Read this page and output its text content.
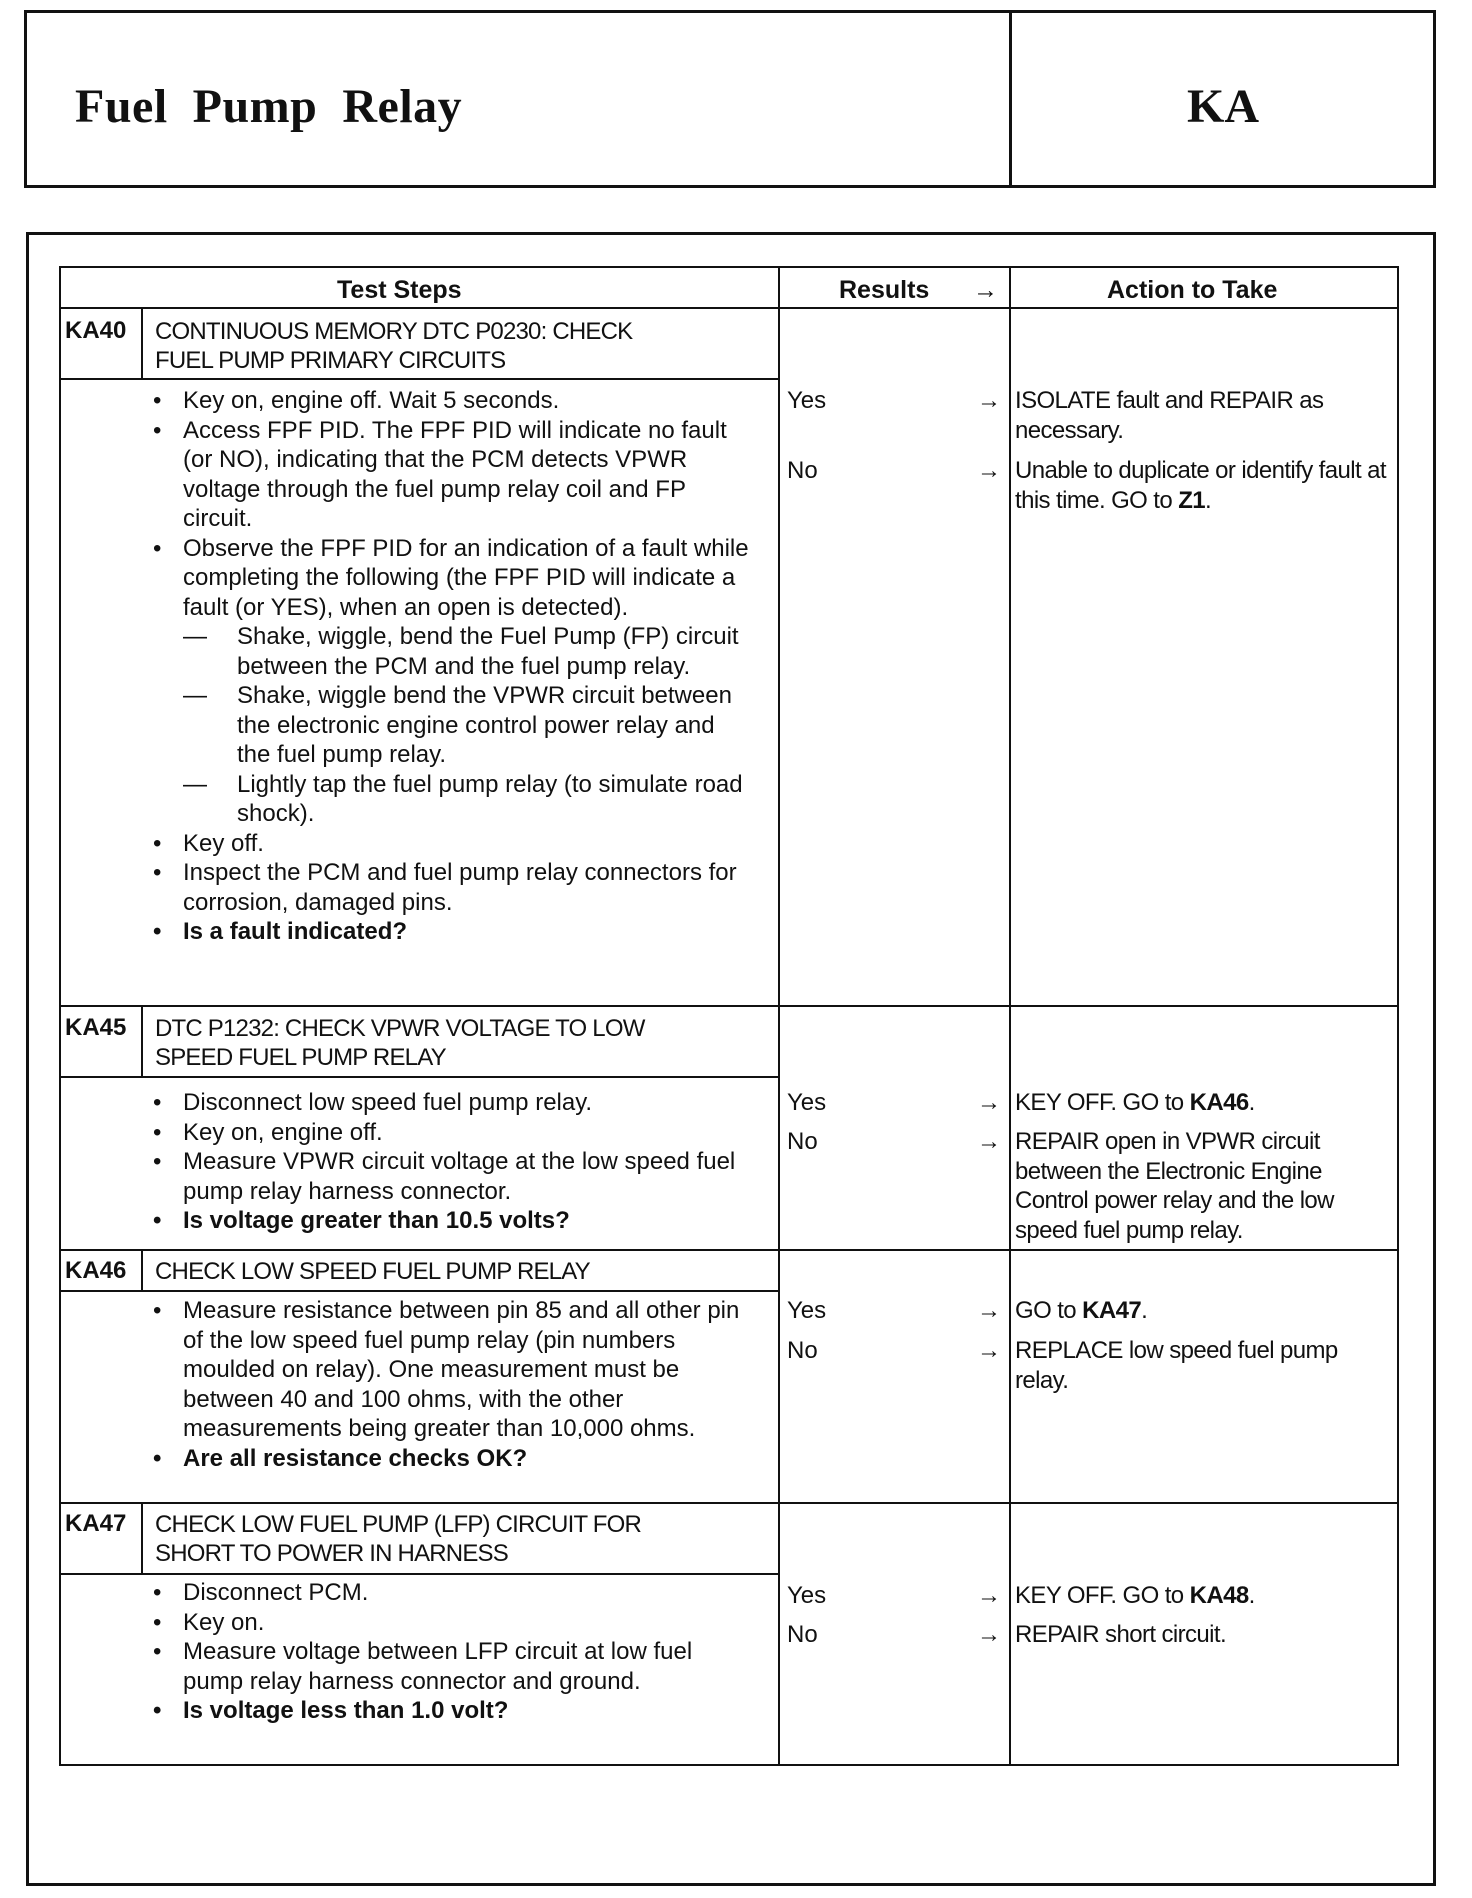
Fuel  Pump  Relay	KA
Test Steps	Results →	Action to Take
KA40 CONTINUOUS MEMORY DTC P0230: CHECK FUEL PUMP PRIMARY CIRCUITS
• Key on, engine off. Wait 5 seconds.
• Access FPF PID. The FPF PID will indicate no fault (or NO), indicating that the PCM detects VPWR voltage through the fuel pump relay coil and FP circuit.
• Observe the FPF PID for an indication of a fault while completing the following (the FPF PID will indicate a fault (or YES), when an open is detected).
— Shake, wiggle, bend the Fuel Pump (FP) circuit between the PCM and the fuel pump relay.
— Shake, wiggle bend the VPWR circuit between the electronic engine control power relay and the fuel pump relay.
— Lightly tap the fuel pump relay (to simulate road shock).
• Key off.
• Inspect the PCM and fuel pump relay connectors for corrosion, damaged pins.
• Is a fault indicated?
Yes	→ ISOLATE fault and REPAIR as necessary.
No	→ Unable to duplicate or identify fault at this time. GO to Z1.
KA45 DTC P1232: CHECK VPWR VOLTAGE TO LOW SPEED FUEL PUMP RELAY
• Disconnect low speed fuel pump relay.
• Key on, engine off.
• Measure VPWR circuit voltage at the low speed fuel pump relay harness connector.
• Is voltage greater than 10.5 volts?
Yes	→ KEY OFF. GO to KA46.
No	→ REPAIR open in VPWR circuit between the Electronic Engine Control power relay and the low speed fuel pump relay.
KA46 CHECK LOW SPEED FUEL PUMP RELAY
• Measure resistance between pin 85 and all other pin of the low speed fuel pump relay (pin numbers moulded on relay). One measurement must be between 40 and 100 ohms, with the other measurements being greater than 10,000 ohms.
• Are all resistance checks OK?
Yes	→ GO to KA47.
No	→ REPLACE low speed fuel pump relay.
KA47 CHECK LOW FUEL PUMP (LFP) CIRCUIT FOR SHORT TO POWER IN HARNESS
• Disconnect PCM.
• Key on.
• Measure voltage between LFP circuit at low fuel pump relay harness connector and ground.
• Is voltage less than 1.0 volt?
Yes	→ KEY OFF. GO to KA48.
No	→ REPAIR short circuit.
